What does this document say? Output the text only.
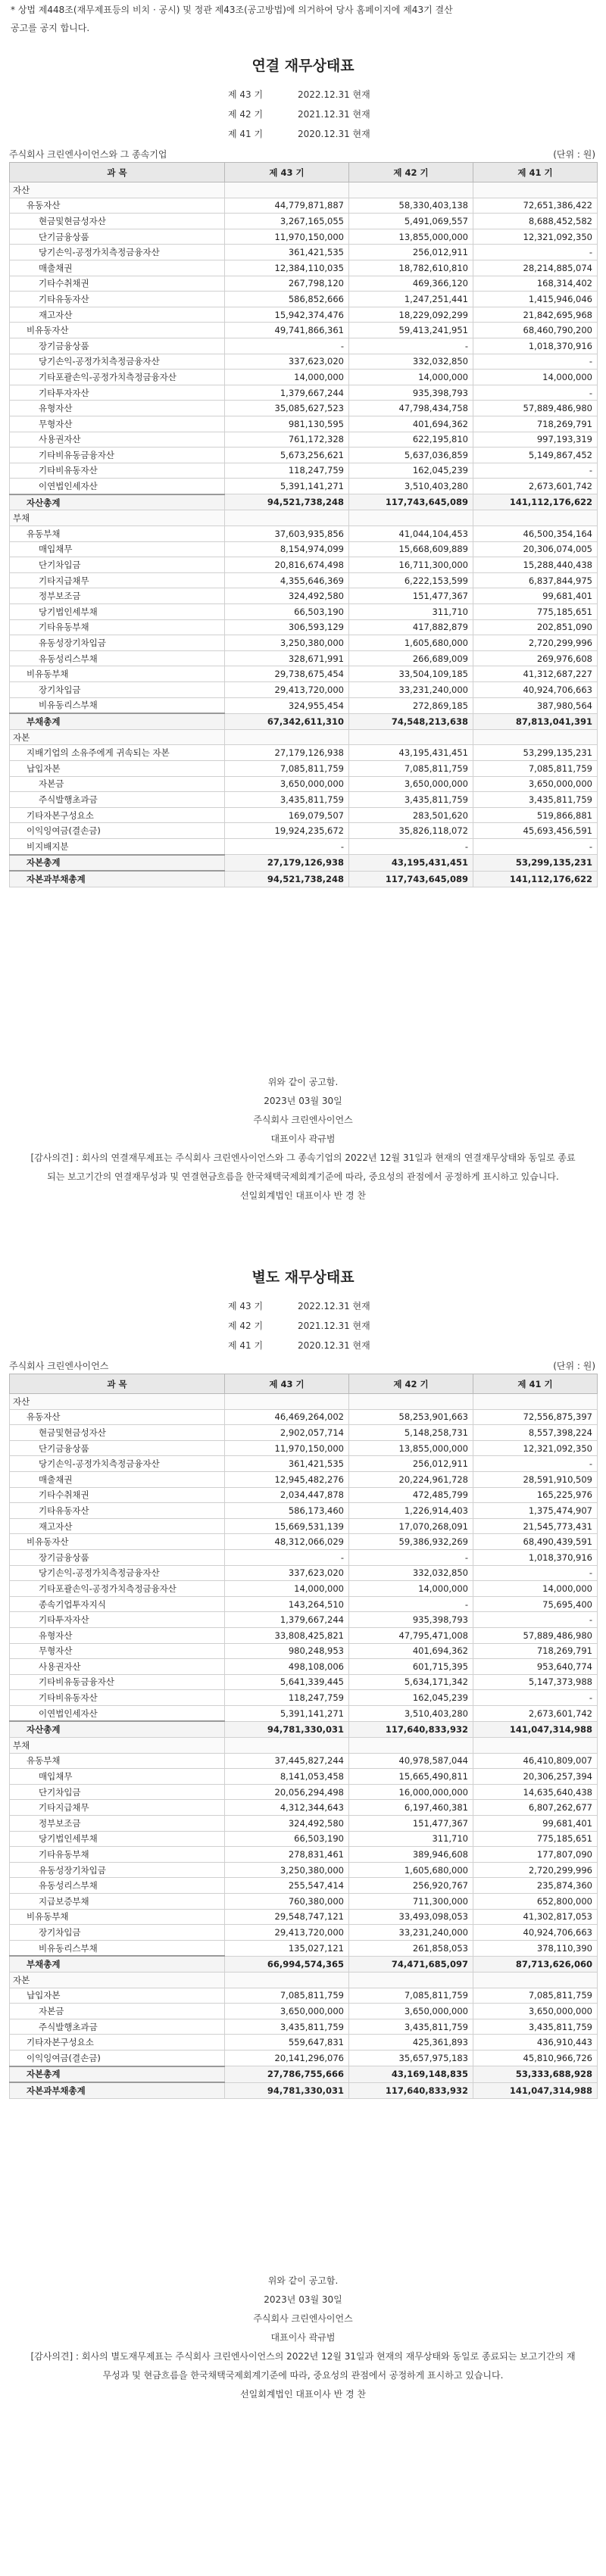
* 상법 제448조(재무제표등의 비치 · 공시) 및 정관 제43조(공고방법)에 의거하여 당사 홈페이지에 제43기 결산
공고를 공지 합니다.
연결 재무상태표
제 43 기	2022.12.31 현재
제 42 기	2021.12.31 현재
제 41 기	2020.12.31 현재
주식회사 크린엔사이언스와 그 종속기업	(단위 : 원)
과 목	제 43 기	제 42 기	제 41 기
자산			
유동자산	44,779,871,887	58,330,403,138	72,651,386,422
현금및현금성자산	3,267,165,055	5,491,069,557	8,688,452,582
단기금융상품	11,970,150,000	13,855,000,000	12,321,092,350
당기손익-공정가치측정금융자산	361,421,535	256,012,911	-
매출채권	12,384,110,035	18,782,610,810	28,214,885,074
기타수취채권	267,798,120	469,366,120	168,314,402
기타유동자산	586,852,666	1,247,251,441	1,415,946,046
재고자산	15,942,374,476	18,229,092,299	21,842,695,968
비유동자산	49,741,866,361	59,413,241,951	68,460,790,200
장기금융상품	-	-	1,018,370,916
당기손익-공정가치측정금융자산	337,623,020	332,032,850	-
기타포괄손익-공정가치측정금융자산	14,000,000	14,000,000	14,000,000
기타투자자산	1,379,667,244	935,398,793	-
유형자산	35,085,627,523	47,798,434,758	57,889,486,980
무형자산	981,130,595	401,694,362	718,269,791
사용권자산	761,172,328	622,195,810	997,193,319
기타비유동금융자산	5,673,256,621	5,637,036,859	5,149,867,452
기타비유동자산	118,247,759	162,045,239	-
이연법인세자산	5,391,141,271	3,510,403,280	2,673,601,742
자산총계	94,521,738,248	117,743,645,089	141,112,176,622
부채			
유동부채	37,603,935,856	41,044,104,453	46,500,354,164
매입채무	8,154,974,099	15,668,609,889	20,306,074,005
단기차입금	20,816,674,498	16,711,300,000	15,288,440,438
기타지급채무	4,355,646,369	6,222,153,599	6,837,844,975
정부보조금	324,492,580	151,477,367	99,681,401
당기법인세부채	66,503,190	311,710	775,185,651
기타유동부채	306,593,129	417,882,879	202,851,090
유동성장기차입금	3,250,380,000	1,605,680,000	2,720,299,996
유동성리스부채	328,671,991	266,689,009	269,976,608
비유동부채	29,738,675,454	33,504,109,185	41,312,687,227
장기차입금	29,413,720,000	33,231,240,000	40,924,706,663
비유동리스부채	324,955,454	272,869,185	387,980,564
부채총계	67,342,611,310	74,548,213,638	87,813,041,391
자본			
지배기업의 소유주에게 귀속되는 자본	27,179,126,938	43,195,431,451	53,299,135,231
납입자본	7,085,811,759	7,085,811,759	7,085,811,759
자본금	3,650,000,000	3,650,000,000	3,650,000,000
주식발행초과금	3,435,811,759	3,435,811,759	3,435,811,759
기타자본구성요소	169,079,507	283,501,620	519,866,881
이익잉여금(결손금)	19,924,235,672	35,826,118,072	45,693,456,591
비지배지분	-	-	-
자본총계	27,179,126,938	43,195,431,451	53,299,135,231
자본과부채총계	94,521,738,248	117,743,645,089	141,112,176,622
위와 같이 공고함.
2023년 03월 30일
주식회사 크린엔사이언스
대표이사 곽규범
[감사의견] : 회사의 연결재무제표는 주식회사 크린엔사이언스와 그 종속기업의 2022년 12월 31일과 현재의 연결재무상태와 동일로 종료되는 보고기간의 연결재무성과 및 연결현금흐름을 한국채택국제회계기준에 따라, 중요성의 관점에서 공정하게 표시하고 있습니다.
선일회계법인 대표이사 반 경 찬
별도 재무상태표
제 43 기	2022.12.31 현재
제 42 기	2021.12.31 현재
제 41 기	2020.12.31 현재
주식회사 크린엔사이언스	(단위 : 원)
과 목	제 43 기	제 42 기	제 41 기
자산			
유동자산	46,469,264,002	58,253,901,663	72,556,875,397
현금및현금성자산	2,902,057,714	5,148,258,731	8,557,398,224
단기금융상품	11,970,150,000	13,855,000,000	12,321,092,350
당기손익-공정가치측정금융자산	361,421,535	256,012,911	-
매출채권	12,945,482,276	20,224,961,728	28,591,910,509
기타수취채권	2,034,447,878	472,485,799	165,225,976
기타유동자산	586,173,460	1,226,914,403	1,375,474,907
재고자산	15,669,531,139	17,070,268,091	21,545,773,431
비유동자산	48,312,066,029	59,386,932,269	68,490,439,591
장기금융상품	-	-	1,018,370,916
당기손익-공정가치측정금융자산	337,623,020	332,032,850	-
기타포괄손익-공정가치측정금융자산	14,000,000	14,000,000	14,000,000
종속기업투자지식	143,264,510	-	75,695,400
기타투자자산	1,379,667,244	935,398,793	-
유형자산	33,808,425,821	47,795,471,008	57,889,486,980
무형자산	980,248,953	401,694,362	718,269,791
사용권자산	498,108,006	601,715,395	953,640,774
기타비유동금융자산	5,641,339,445	5,634,171,342	5,147,373,988
기타비유동자산	118,247,759	162,045,239	-
이연법인세자산	5,391,141,271	3,510,403,280	2,673,601,742
자산총계	94,781,330,031	117,640,833,932	141,047,314,988
부채			
유동부채	37,445,827,244	40,978,587,044	46,410,809,007
매입채무	8,141,053,458	15,665,490,811	20,306,257,394
단기차입금	20,056,294,498	16,000,000,000	14,635,640,438
기타지급채무	4,312,344,643	6,197,460,381	6,807,262,677
정부보조금	324,492,580	151,477,367	99,681,401
당기법인세부채	66,503,190	311,710	775,185,651
기타유동부채	278,831,461	389,946,608	177,807,090
유동성장기차입금	3,250,380,000	1,605,680,000	2,720,299,996
유동성리스부채	255,547,414	256,920,767	235,874,360
지급보증부채	760,380,000	711,300,000	652,800,000
비유동부채	29,548,747,121	33,493,098,053	41,302,817,053
장기차입금	29,413,720,000	33,231,240,000	40,924,706,663
비유동리스부채	135,027,121	261,858,053	378,110,390
부채총계	66,994,574,365	74,471,685,097	87,713,626,060
자본			
납입자본	7,085,811,759	7,085,811,759	7,085,811,759
자본금	3,650,000,000	3,650,000,000	3,650,000,000
주식발행초과금	3,435,811,759	3,435,811,759	3,435,811,759
기타자본구성요소	559,647,831	425,361,893	436,910,443
이익잉여금(결손금)	20,141,296,076	35,657,975,183	45,810,966,726
자본총계	27,786,755,666	43,169,148,835	53,333,688,928
자본과부채총계	94,781,330,031	117,640,833,932	141,047,314,988
위와 같이 공고함.
2023년 03월 30일
주식회사 크린엔사이언스
대표이사 곽규범
[감사의견] : 회사의 별도재무제표는 주식회사 크린엔사이언스의 2022년 12월 31일과 현재의 재무상태와 동일로 종료되는 보고기간의 재무성과 및 현금흐름을 한국채택국제회계기준에 따라, 중요성의 관점에서 공정하게 표시하고 있습니다.
선일회계법인 대표이사 반 경 찬
